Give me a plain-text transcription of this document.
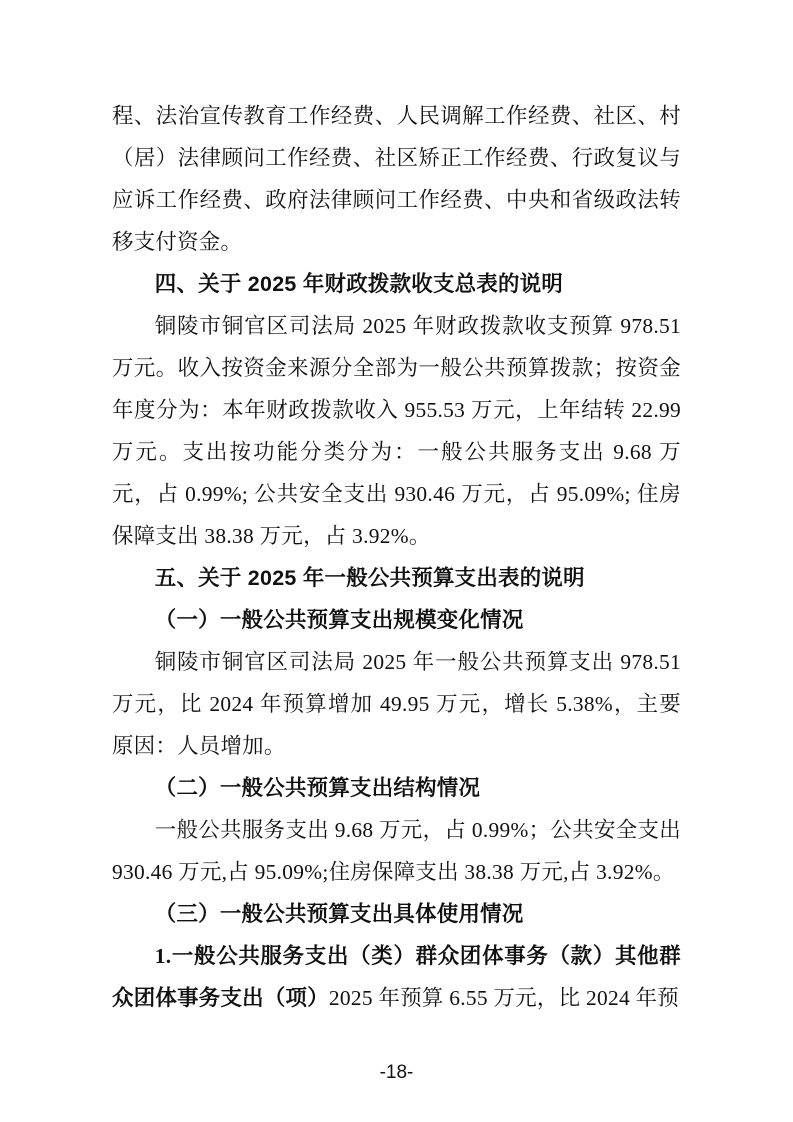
程、法治宣传教育工作经费、人民调解工作经费、社区、村（居）法律顾问工作经费、社区矫正工作经费、行政复议与应诉工作经费、政府法律顾问工作经费、中央和省级政法转移支付资金。

四、关于 2025 年财政拨款收支总表的说明

铜陵市铜官区司法局 2025 年财政拨款收支预算 978.51 万元。收入按资金来源分全部为一般公共预算拨款；按资金年度分为：本年财政拨款收入 955.53 万元，上年结转 22.99 万元。支出按功能分类分为：一般公共服务支出 9.68 万元，占 0.99%; 公共安全支出 930.46 万元，占 95.09%; 住房保障支出 38.38 万元，占 3.92%。

五、关于 2025 年一般公共预算支出表的说明

（一）一般公共预算支出规模变化情况

铜陵市铜官区司法局 2025 年一般公共预算支出 978.51 万元，比 2024 年预算增加 49.95 万元，增长 5.38%，主要原因：人员增加。

（二）一般公共预算支出结构情况

一般公共服务支出 9.68 万元，占 0.99%；公共安全支出 930.46 万元,占 95.09%;住房保障支出 38.38 万元,占 3.92%。

（三）一般公共预算支出具体使用情况

1.一般公共服务支出（类）群众团体事务（款）其他群众团体事务支出（项）2025 年预算 6.55 万元，比 2024 年预

-18-
